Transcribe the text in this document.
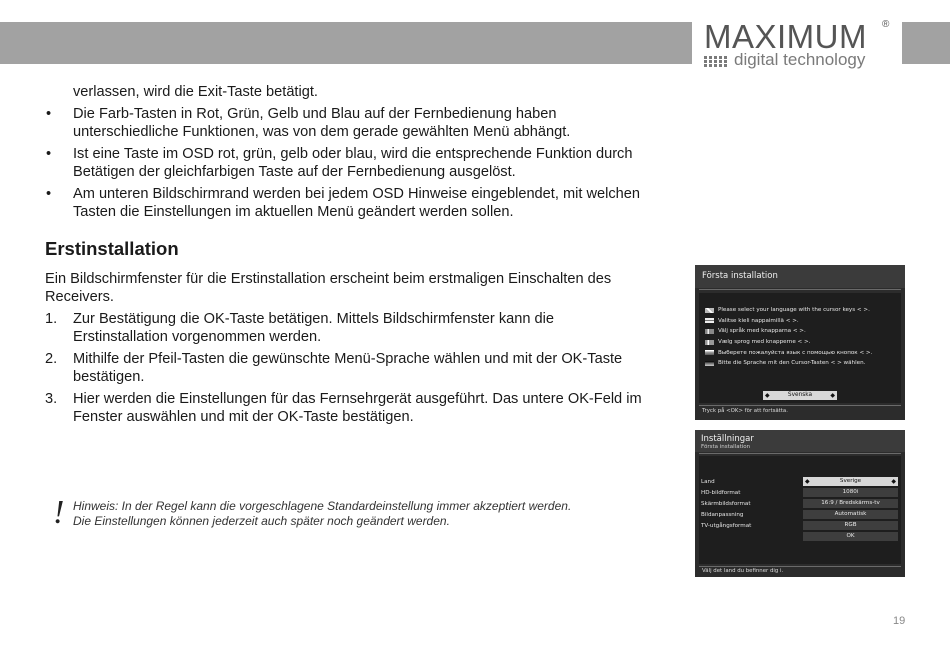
MAXIMUM ®
digital technology

verlassen, wird die Exit-Taste betätigt.

• Die Farb-Tasten in Rot, Grün, Gelb und Blau auf der Fernbedienung haben unterschiedliche Funktionen, was von dem gerade gewählten Menü abhängt.
• Ist eine Taste im OSD rot, grün, gelb oder blau, wird die entsprechende Funktion durch Betätigen der gleichfarbigen Taste auf der Fernbedienung ausgelöst.
• Am unteren Bildschirmrand werden bei jedem OSD Hinweise eingeblendet, mit welchen Tasten die Einstellungen im aktuellen Menü geändert werden sollen.
Erstinstallation

Ein Bildschirmfenster für die Erstinstallation erscheint beim erstmaligen Einschalten des Receivers.

1. Zur Bestätigung die OK-Taste betätigen. Mittels Bildschirmfenster kann die Erstinstallation vorgenommen werden.
2. Mithilfe der Pfeil-Tasten die gewünschte Menü-Sprache wählen und mit der OK-Taste bestätigen.
3. Hier werden die Einstellungen für das Fernsehrgerät ausgeführt. Das untere OK-Feld im Fenster auswählen und mit der OK-Taste bestätigen.
! Hinweis: In der Regel kann die vorgeschlagene Standardeinstellung immer akzeptiert werden.
Die Einstellungen können jederzeit auch später noch geändert werden.
Första installation
Please select your language with the cursor keys < >.
Valitse kieli nappaimillä < >.
Välj språk med knapparna < >.
Vælg sprog med knapperne < >.
Выберете пожалуйста язык с помощью кнопок < >.
Bitte die Sprache mit den Cursor-Tasten < > wählen.
◆	Svenska	◆
Tryck på <OK> för att fortsätta.
Inställningar
Första installation
Land	◆	Sverige	◆
HD-bildformat	1080i
Skärmbildsformat	16:9 / Bredskärms-tv
Bildanpassning	Automatisk
TV-utgångsformat	RGB
OK
Välj det land du befinner dig i.
19
